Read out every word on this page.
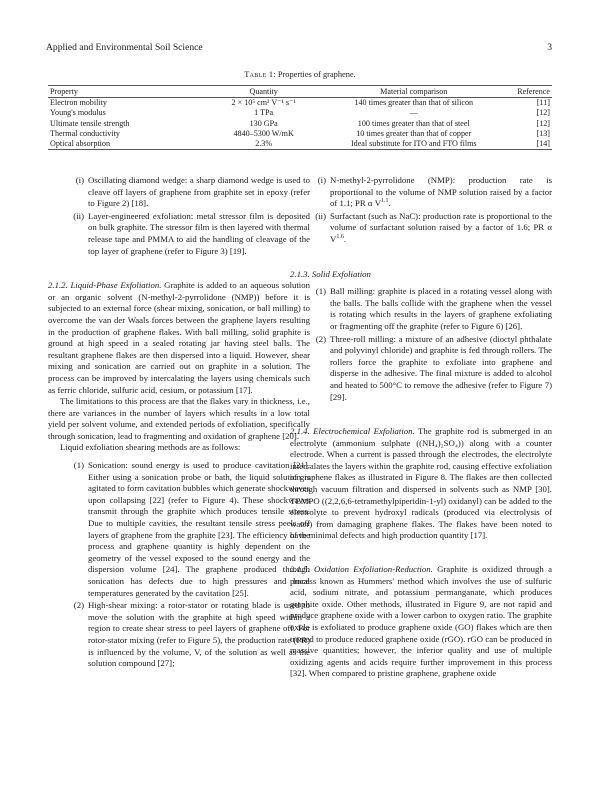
Applied and Environmental Soil Science	3
Table 1: Properties of graphene.
Property	Quantity	Material comparison	Reference
Electron mobility	2 × 10⁵ cm² V⁻¹ s⁻¹	140 times greater than that of silicon	[11]
Young's modulus	1 TPa	—	[12]
Ultimate tensile strength	130 GPa	100 times greater than that of steel	[12]
Thermal conductivity	4840–5300 W/mK	10 times greater than that of copper	[13]
Optical absorption	2.3%	Ideal substitute for ITO and FTO films	[14]
(i) Oscillating diamond wedge: a sharp diamond wedge is used to cleave off layers of graphene from graphite set in epoxy (refer to Figure 2) [18].
(ii) Layer-engineered exfoliation: metal stressor film is deposited on bulk graphite. The stressor film is then layered with thermal release tape and PMMA to aid the handling of cleavage of the top layer of graphene (refer to Figure 3) [19].

2.1.2. Liquid-Phase Exfoliation. Graphite is added to an aqueous solution or an organic solvent (N-methyl-2-pyrrolidone (NMP)) before it is subjected to an external force (shear mixing, sonication, or ball milling) to overcome the van der Waals forces between the graphene layers resulting in the production of graphene flakes. With ball milling, solid graphite is ground at high speed in a sealed rotating jar having steel balls. The resultant graphene flakes are then dispersed into a liquid. However, shear mixing and sonication are carried out on graphite in a solution. The process can be improved by intercalating the layers using chemicals such as ferric chloride, sulfuric acid, cesium, or potassium [17].

The limitations to this process are that the flakes vary in thickness, i.e., there are variances in the number of layers which results in a low total yield per solvent volume, and extended periods of exfoliation, specifically through sonication, lead to fragmenting and oxidation of graphene [20].

Liquid exfoliation shearing methods are as follows:

(1) Sonication: sound energy is used to produce cavitation [21]. Either using a sonication probe or bath, the liquid solution is agitated to form cavitation bubbles which generate shockwaves upon collapsing [22] (refer to Figure 4). These shockwaves transmit through the graphite which produces tensile stress. Due to multiple cavities, the resultant tensile stress peels off layers of graphene from the graphite [23]. The efficiency of the process and graphene quantity is highly dependent on the geometry of the vessel exposed to the sound energy and the dispersion volume [24]. The graphene produced through sonication has defects due to high pressures and local temperatures generated by the cavitation [25].
(2) High-shear mixing: a rotor-stator or rotating blade is used to move the solution with the graphite at high speed within a region to create shear stress to peel layers of graphene off. For rotor-stator mixing (refer to Figure 5), the production rate (PR) is influenced by the volume, V, of the solution as well as the solution compound [27];
(i) N-methyl-2-pyrrolidone (NMP): production rate is proportional to the volume of NMP solution raised by a factor of 1.1; PR α $V^{1.1}$.
(ii) Surfactant (such as NaC): production rate is proportional to the volume of surfactant solution raised by a factor of 1.6; PR α $V^{1.6}$.

2.1.3. Solid Exfoliation

(1) Ball milling: graphite is placed in a rotating vessel along with the balls. The balls collide with the graphene when the vessel is rotating which results in the layers of graphene exfoliating or fragmenting off the graphite (refer to Figure 6) [26].
(2) Three-roll milling: a mixture of an adhesive (dioctyl phthalate and polyvinyl chloride) and graphite is fed through rollers. The rollers force the graphite to exfoliate into graphene and disperse in the adhesive. The final mixture is added to alcohol and heated to 500°C to remove the adhesive (refer to Figure 7) [29].

2.1.4. Electrochemical Exfoliation. The graphite rod is submerged in an electrolyte (ammonium sulphate ((NH₄)₂SO₄)) along with a counter electrode. When a current is passed through the electrodes, the electrolyte intercalates the layers within the graphite rod, causing effective exfoliation of graphene flakes as illustrated in Figure 8. The flakes are then collected through vacuum filtration and dispersed in solvents such as NMP [30]. TEMPO ((2,2,6,6-tetramethylpiperidin-1-yl) oxidanyl) can be added to the electrolyte to prevent hydroxyl radicals (produced via electrolysis of water) from damaging graphene flakes. The flakes have been noted to have minimal defects and high production quantity [17].

2.1.5. Oxidation Exfoliation-Reduction. Graphite is oxidized through a process known as Hummers' method which involves the use of sulfuric acid, sodium nitrate, and potassium permanganate, which produces graphite oxide. Other methods, illustrated in Figure 9, are not rapid and produce graphene oxide with a lower carbon to oxygen ratio. The graphite oxide is exfoliated to produce graphene oxide (GO) flakes which are then treated to produce reduced graphene oxide (rGO). rGO can be produced in massive quantities; however, the inferior quality and use of multiple oxidizing agents and acids require further improvement in this process [32]. When compared to pristine graphene, graphene oxide
